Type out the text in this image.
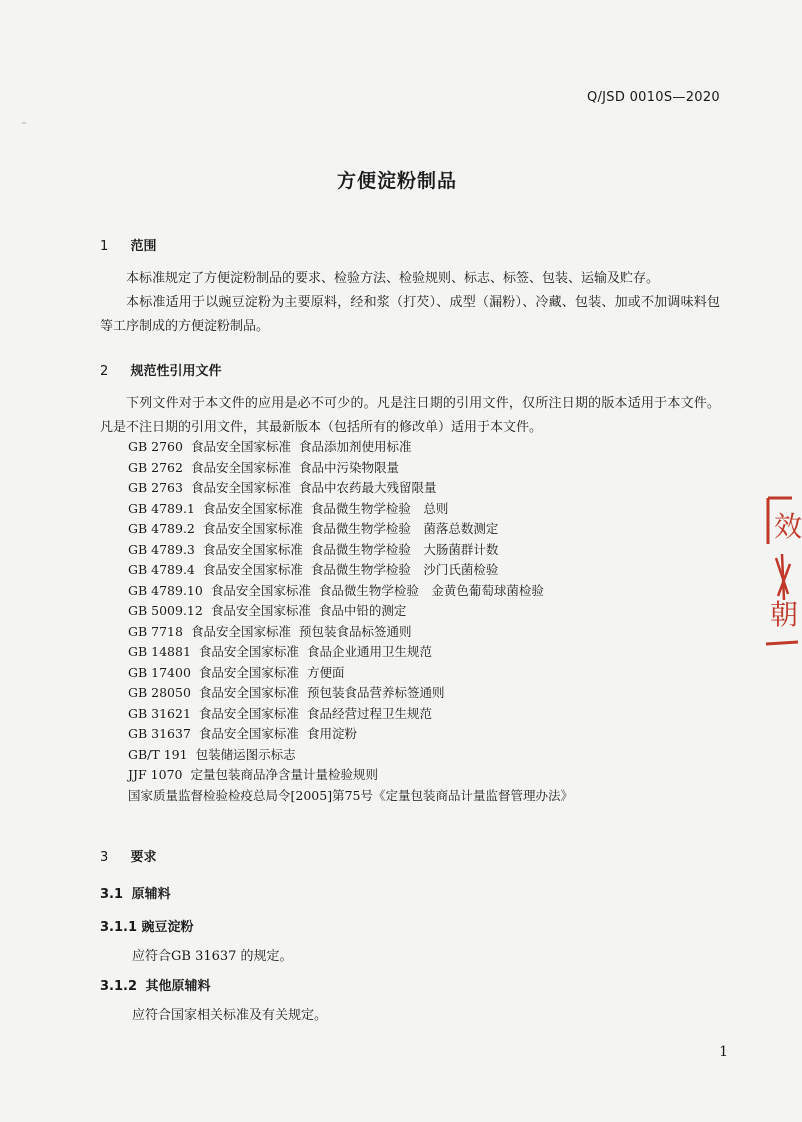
Q/JSD 0010S—2020
方便淀粉制品
1 范围
本标准规定了方便淀粉制品的要求、检验方法、检验规则、标志、标签、包装、运输及贮存。
本标准适用于以豌豆淀粉为主要原料，经和浆（打芡）、成型（漏粉）、冷藏、包装、加或不加调味料包等工序制成的方便淀粉制品。
2 规范性引用文件
下列文件对于本文件的应用是必不可少的。凡是注日期的引用文件，仅所注日期的版本适用于本文件。凡是不注日期的引用文件，其最新版本（包括所有的修改单）适用于本文件。
GB 2760 食品安全国家标准 食品添加剂使用标准
GB 2762 食品安全国家标准 食品中污染物限量
GB 2763 食品安全国家标准 食品中农药最大残留限量
GB 4789.1 食品安全国家标准 食品微生物学检验　总则
GB 4789.2 食品安全国家标准 食品微生物学检验　菌落总数测定
GB 4789.3 食品安全国家标准 食品微生物学检验　大肠菌群计数
GB 4789.4 食品安全国家标准 食品微生物学检验　沙门氏菌检验
GB 4789.10 食品安全国家标准 食品微生物学检验　金黄色葡萄球菌检验
GB 5009.12 食品安全国家标准 食品中铅的测定
GB 7718 食品安全国家标准 预包装食品标签通则
GB 14881 食品安全国家标准 食品企业通用卫生规范
GB 17400 食品安全国家标准 方便面
GB 28050 食品安全国家标准 预包装食品营养标签通则
GB 31621 食品安全国家标准 食品经营过程卫生规范
GB 31637 食品安全国家标准 食用淀粉
GB/T 191 包装储运图示标志
JJF 1070 定量包装商品净含量计量检验规则
国家质量监督检验检疫总局令[2005]第75号《定量包装商品计量监督管理办法》
3 要求
3.1 原辅料
3.1.1 豌豆淀粉
应符合GB 31637 的规定。
3.1.2 其他原辅料
应符合国家相关标准及有关规定。
1
效
朝
